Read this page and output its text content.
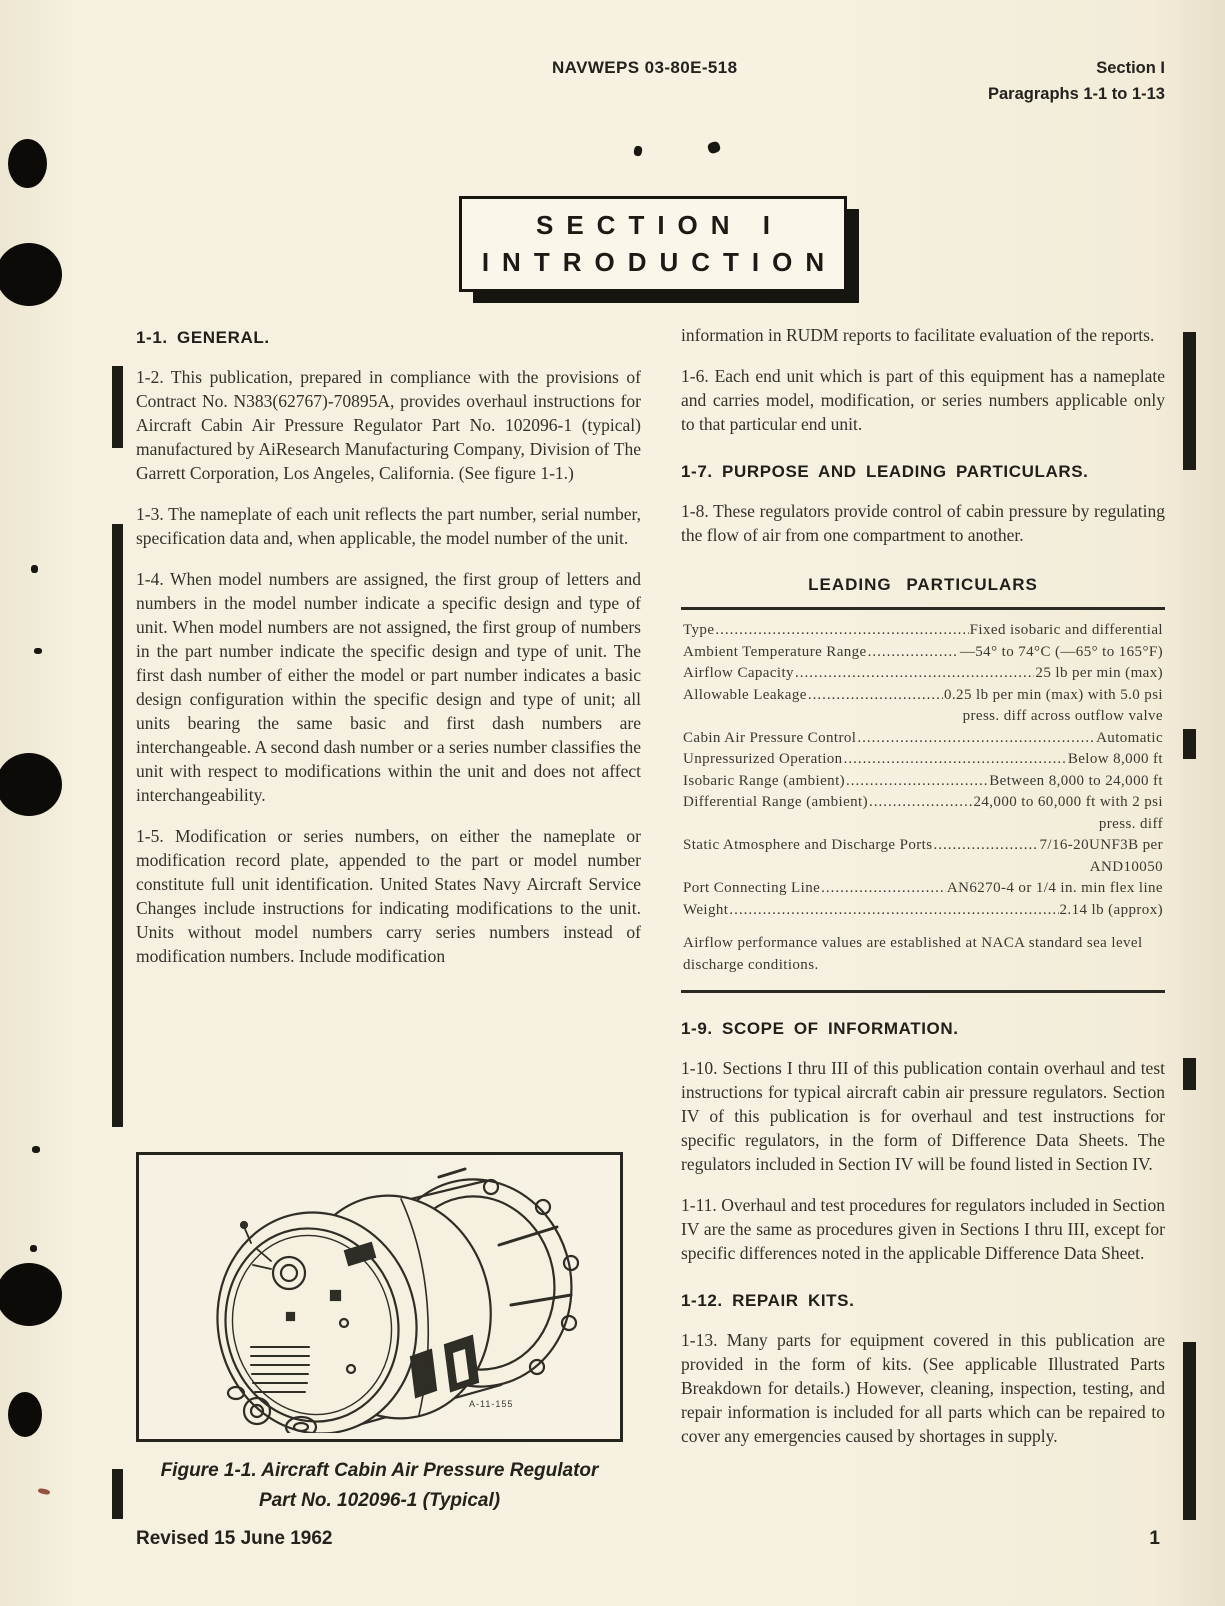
NAVWEPS 03-80E-518	Section I
Paragraphs 1-1 to 1-13
SECTION I
INTRODUCTION
1-1. GENERAL.

1-2. This publication, prepared in compliance with the provisions of Contract No. N383(62767)-70895A, provides overhaul instructions for Aircraft Cabin Air Pressure Regulator Part No. 102096-1 (typical) manufactured by AiResearch Manufacturing Company, Division of The Garrett Corporation, Los Angeles, California. (See figure 1-1.)

1-3. The nameplate of each unit reflects the part number, serial number, specification data and, when applicable, the model number of the unit.

1-4. When model numbers are assigned, the first group of letters and numbers in the model number indicate a specific design and type of unit. When model numbers are not assigned, the first group of numbers in the part number indicate the specific design and type of unit. The first dash number of either the model or part number indicates a basic design configuration within the specific design and type of unit; all units bearing the same basic and first dash numbers are interchangeable. A second dash number or a series number classifies the unit with respect to modifications within the unit and does not affect interchangeability.

1-5. Modification or series numbers, on either the nameplate or modification record plate, appended to the part or model number constitute full unit identification. United States Navy Aircraft Service Changes include instructions for indicating modifications to the unit. Units without model numbers carry series numbers instead of modification numbers. Include modification

A-11-155
Figure 1-1. Aircraft Cabin Air Pressure Regulator
Part No. 102096-1 (Typical)

information in RUDM reports to facilitate evaluation of the reports.

1-6. Each end unit which is part of this equipment has a nameplate and carries model, modification, or series numbers applicable only to that particular end unit.

1-7. PURPOSE AND LEADING PARTICULARS.

1-8. These regulators provide control of cabin pressure by regulating the flow of air from one compartment to another.

LEADING PARTICULARS
Type .....	Fixed isobaric and differential
Ambient Temperature Range .....	—54° to 74°C (—65° to 165°F)
Airflow Capacity .....	25 lb per min (max)
Allowable Leakage .....	0.25 lb per min (max) with 5.0 psi
press. diff across outflow valve
Cabin Air Pressure Control .....	Automatic
Unpressurized Operation .....	Below 8,000 ft
Isobaric Range (ambient) .....	Between 8,000 to 24,000 ft
Differential Range (ambient) .....	24,000 to 60,000 ft with 2 psi
press. diff
Static Atmosphere and Discharge Ports .....	7/16-20UNF3B per
AND10050
Port Connecting Line .....	AN6270-4 or 1/4 in. min flex line
Weight .....	2.14 lb (approx)
Airflow performance values are established at NACA standard sea level discharge conditions.
1-9. SCOPE OF INFORMATION.

1-10. Sections I thru III of this publication contain overhaul and test instructions for typical aircraft cabin air pressure regulators. Section IV of this publication is for overhaul and test instructions for specific regulators, in the form of Difference Data Sheets. The regulators included in Section IV will be found listed in Section IV.

1-11. Overhaul and test procedures for regulators included in Section IV are the same as procedures given in Sections I thru III, except for specific differences noted in the applicable Difference Data Sheet.

1-12. REPAIR KITS.

1-13. Many parts for equipment covered in this publication are provided in the form of kits. (See applicable Illustrated Parts Breakdown for details.) However, cleaning, inspection, testing, and repair information is included for all parts which can be repaired to cover any emergencies caused by shortages in supply.

Revised 15 June 1962	1
